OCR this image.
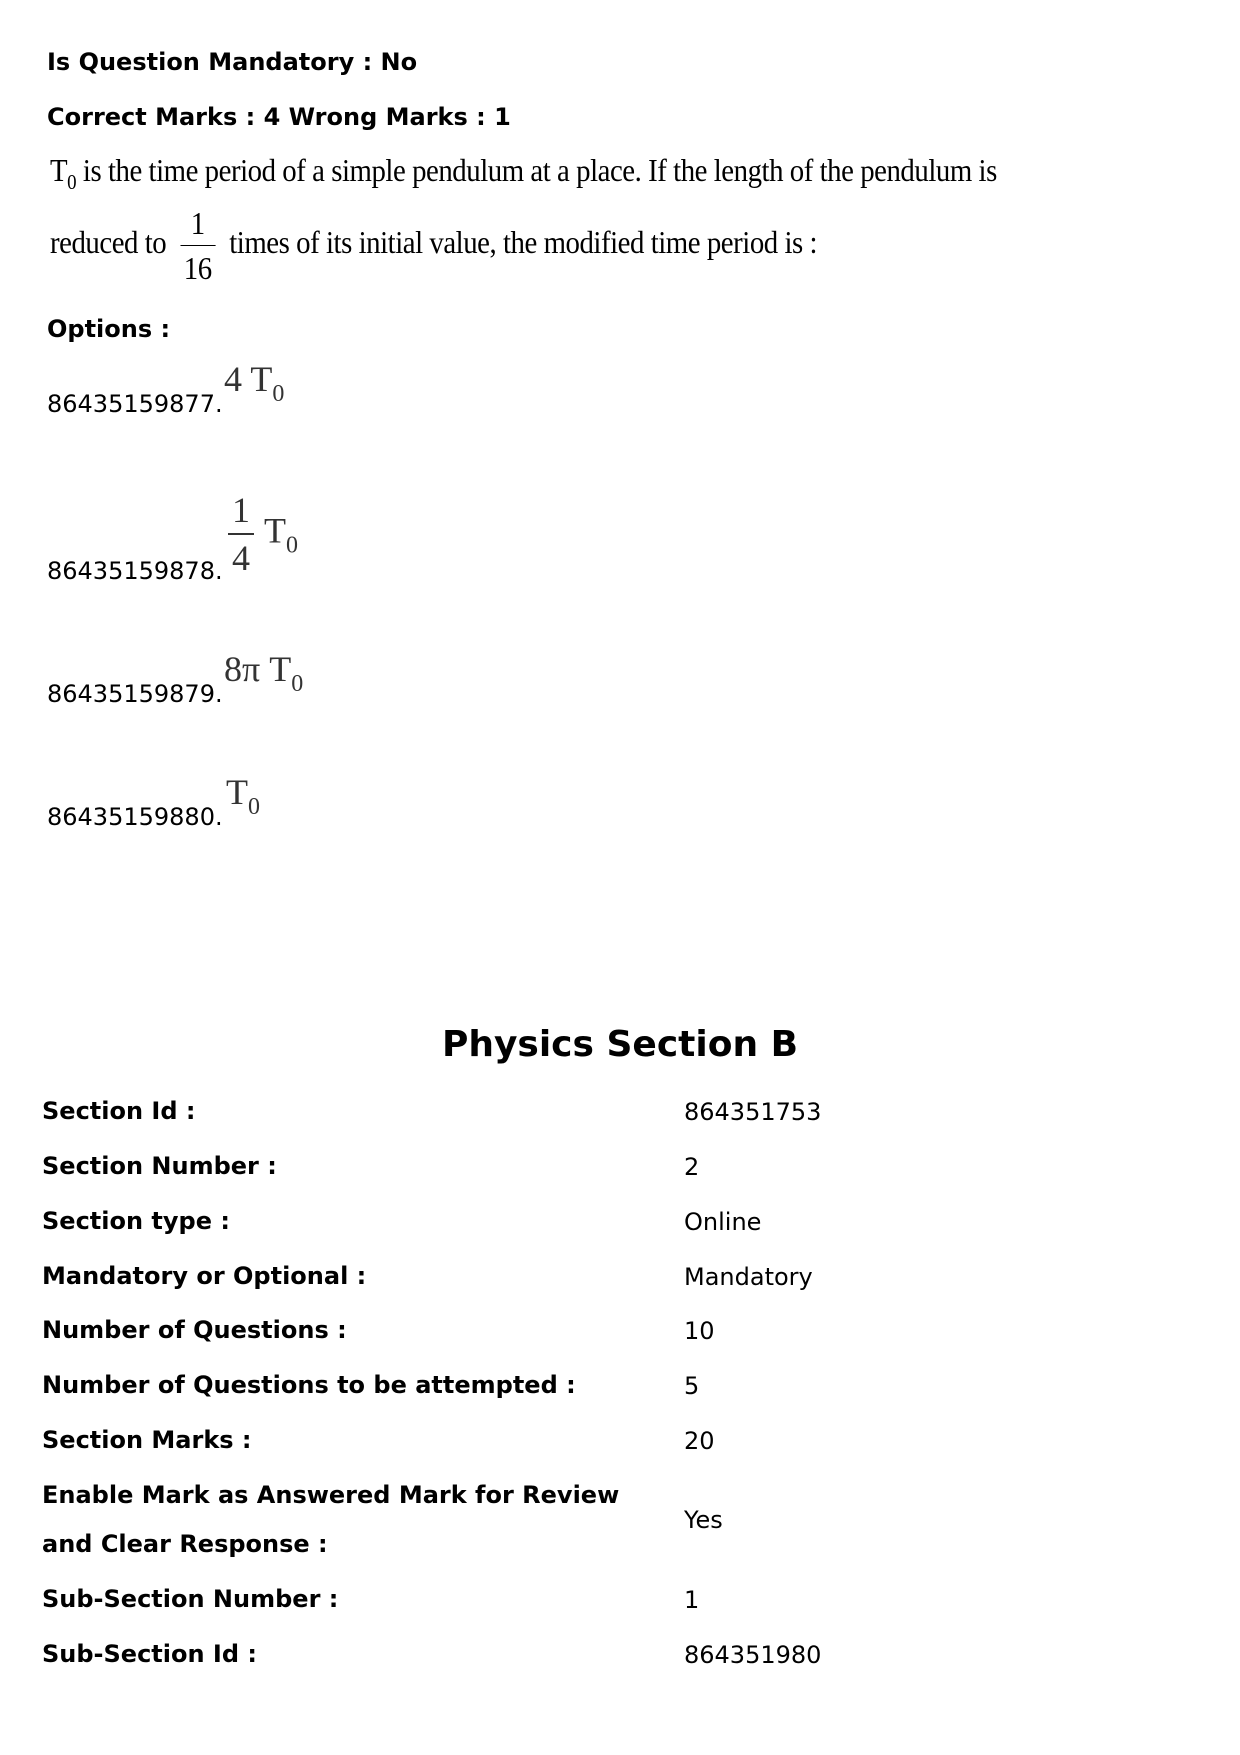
Is Question Mandatory : No
Correct Marks : 4 Wrong Marks : 1
$T_0$ is the time period of a simple pendulum at a place. If the length of the pendulum is
reduced to $\frac{1}{16}$ times of its initial value, the modified time period is :
Options :
86435159877.
4 $T_0$
86435159878. $\frac{1}{4} T_0$
86435159879.
8π $T_0$
86435159880.
$T_0$
Physics Section B
Section Id :	864351753
Section Number :	2
Section type :	Online
Mandatory or Optional :	Mandatory
Number of Questions :	10
Number of Questions to be attempted :	5
Section Marks :	20
Enable Mark as Answered Mark for Review and Clear Response :
Yes
Sub-Section Number :	1
Sub-Section Id :	864351980
